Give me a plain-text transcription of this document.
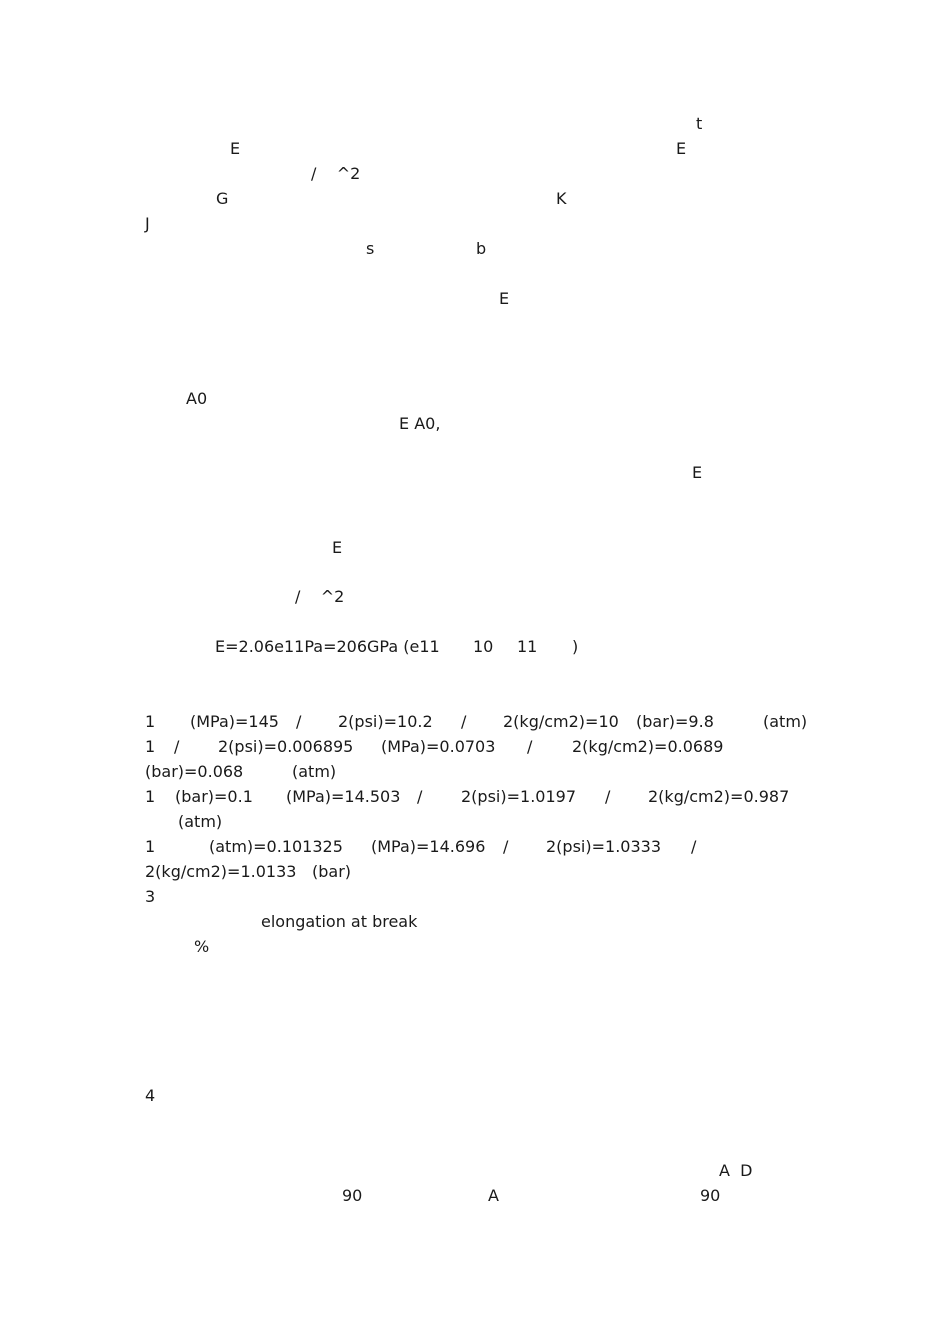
t
E	E
/    ^2
G	K
J
s	b
E
A0
E A0,
E
E
/    ^2
E=2.06e11Pa=206GPa (e11 10 11 )
1 (MPa)=145 / 2(psi)=10.2 / 2(kg/cm2)=10 (bar)=9.8	(atm)
1 / 2(psi)=0.006895 (MPa)=0.0703 / 2(kg/cm2)=0.0689
(bar)=0.068	(atm)
1 (bar)=0.1 (MPa)=14.503 / 2(psi)=1.0197 / 2(kg/cm2)=0.987
(atm)
1	(atm)=0.101325 (MPa)=14.696 / 2(psi)=1.0333 /
2(kg/cm2)=1.0133 (bar)
3
elongation at break
%
4
A  D
90	A	90
